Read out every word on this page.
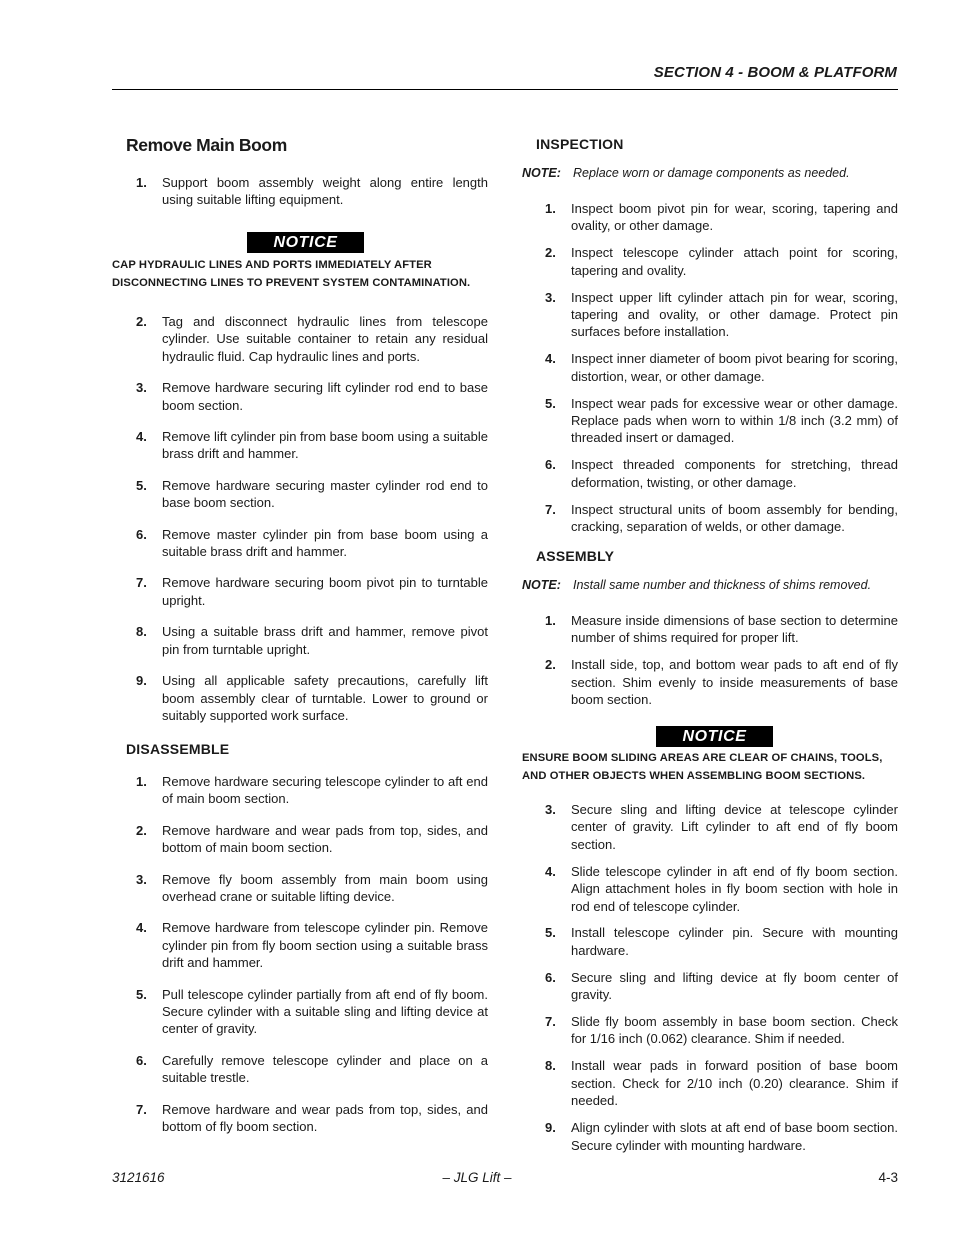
SECTION 4 - BOOM & PLATFORM
Remove Main Boom
1. Support boom assembly weight along entire length using suitable lifting equipment.
NOTICE
CAP HYDRAULIC LINES AND PORTS IMMEDIATELY AFTER DISCONNECTING LINES TO PREVENT SYSTEM CONTAMINATION.
2. Tag and disconnect hydraulic lines from telescope cylinder. Use suitable container to retain any residual hydraulic fluid. Cap hydraulic lines and ports.
3. Remove hardware securing lift cylinder rod end to base boom section.
4. Remove lift cylinder pin from base boom using a suitable brass drift and hammer.
5. Remove hardware securing master cylinder rod end to base boom section.
6. Remove master cylinder pin from base boom using a suitable brass drift and hammer.
7. Remove hardware securing boom pivot pin to turntable upright.
8. Using a suitable brass drift and hammer, remove pivot pin from turntable upright.
9. Using all applicable safety precautions, carefully lift boom assembly clear of turntable. Lower to ground or suitably supported work surface.
DISASSEMBLE
1. Remove hardware securing telescope cylinder to aft end of main boom section.
2. Remove hardware and wear pads from top, sides, and bottom of main boom section.
3. Remove fly boom assembly from main boom using overhead crane or suitable lifting device.
4. Remove hardware from telescope cylinder pin. Remove cylinder pin from fly boom section using a suitable brass drift and hammer.
5. Pull telescope cylinder partially from aft end of fly boom. Secure cylinder with a suitable sling and lifting device at center of gravity.
6. Carefully remove telescope cylinder and place on a suitable trestle.
7. Remove hardware and wear pads from top, sides, and bottom of fly boom section.
INSPECTION
NOTE: Replace worn or damage components as needed.
1. Inspect boom pivot pin for wear, scoring, tapering and ovality, or other damage.
2. Inspect telescope cylinder attach point for scoring, tapering and ovality.
3. Inspect upper lift cylinder attach pin for wear, scoring, tapering and ovality, or other damage. Protect pin surfaces before installation.
4. Inspect inner diameter of boom pivot bearing for scoring, distortion, wear, or other damage.
5. Inspect wear pads for excessive wear or other damage. Replace pads when worn to within 1/8 inch (3.2 mm) of threaded insert or damaged.
6. Inspect threaded components for stretching, thread deformation, twisting, or other damage.
7. Inspect structural units of boom assembly for bending, cracking, separation of welds, or other damage.
ASSEMBLY
NOTE: Install same number and thickness of shims removed.
1. Measure inside dimensions of base section to determine number of shims required for proper lift.
2. Install side, top, and bottom wear pads to aft end of fly section. Shim evenly to inside measurements of base boom section.
NOTICE
ENSURE BOOM SLIDING AREAS ARE CLEAR OF CHAINS, TOOLS, AND OTHER OBJECTS WHEN ASSEMBLING BOOM SECTIONS.
3. Secure sling and lifting device at telescope cylinder center of gravity. Lift cylinder to aft end of fly boom section.
4. Slide telescope cylinder in aft end of fly boom section. Align attachment holes in fly boom section with hole in rod end of telescope cylinder.
5. Install telescope cylinder pin. Secure with mounting hardware.
6. Secure sling and lifting device at fly boom center of gravity.
7. Slide fly boom assembly in base boom section. Check for 1/16 inch (0.062) clearance. Shim if needed.
8. Install wear pads in forward position of base boom section. Check for 2/10 inch (0.20) clearance. Shim if needed.
9. Align cylinder with slots at aft end of base boom section. Secure cylinder with mounting hardware.
3121616	– JLG Lift –	4-3
